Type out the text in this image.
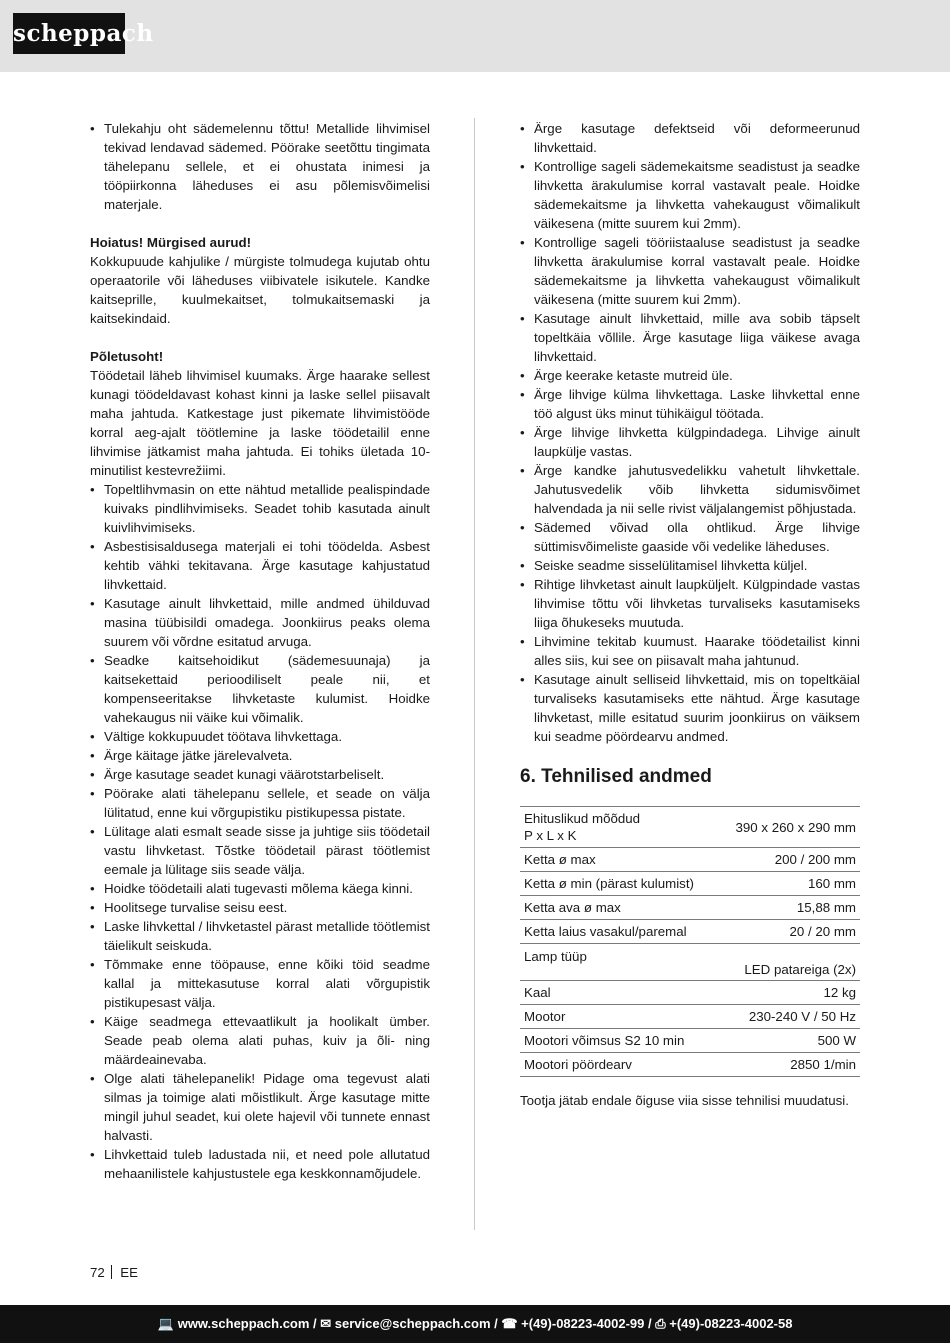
scheppach
• Tulekahju oht sädemelennu tõttu! Metallide lihvimisel tekivad lendavad sädemed. Pöörake seetõttu tingimata tähelepanu sellele, et ei ohustata inimesi ja tööpiirkonna läheduses ei asu põlemisvõimelisi materjale.

Hoiatus! Mürgised aurud!

Kokkupuude kahjulike / mürgiste tolmudega kujutab ohtu operaatorile või läheduses viibivatele isikutele. Kandke kaitseprille, kuulmekaitset, tolmukaitsemaski ja kaitsekindaid.

Põletusoht!

Töödetail läheb lihvimisel kuumaks. Ärge haarake sellest kunagi töödeldavast kohast kinni ja laske sellel piisavalt maha jahtuda. Katkestage just pikemate lihvimistööde korral aeg-ajalt töötlemine ja laske töödetailil enne lihvimise jätkamist maha jahtuda. Ei tohiks ületada 10-minutilist kestevrežiimi.

• Topeltlihvmasin on ette nähtud metallide pealispindade kuivaks pindlihvimiseks. Seadet tohib kasutada ainult kuivlihvimiseks.
• Asbestisisaldusega materjali ei tohi töödelda. Asbest kehtib vähki tekitavana. Ärge kasutage kahjustatud lihvkettaid.
• Kasutage ainult lihvkettaid, mille andmed ühilduvad masina tüübisildi omadega. Joonkiirus peaks olema suurem või võrdne esitatud arvuga.
• Seadke kaitsehoidikut (sädemesuunaja) ja kaitsekettaid perioodiliselt peale nii, et kompenseeritakse lihvketaste kulumist. Hoidke vahekaugus nii väike kui võimalik.
• Vältige kokkupuudet töötava lihvkettaga.
• Ärge käitage jätke järelevalveta.
• Ärge kasutage seadet kunagi väärotstarbeliselt.
• Pöörake alati tähelepanu sellele, et seade on välja lülitatud, enne kui võrgupistiku pistikupessa pistate.
• Lülitage alati esmalt seade sisse ja juhtige siis töödetail vastu lihvketast. Tõstke töödetail pärast töötlemist eemale ja lülitage siis seade välja.
• Hoidke töödetaili alati tugevasti mõlema käega kinni.
• Hoolitsege turvalise seisu eest.
• Laske lihvkettal / lihvketastel pärast metallide töötlemist täielikult seiskuda.
• Tõmmake enne tööpause, enne kõiki töid seadme kallal ja mittekasutuse korral alati võrgupistik pistikupesast välja.
• Käige seadmega ettevaatlikult ja hoolikalt ümber. Seade peab olema alati puhas, kuiv ja õli- ning määrdeainevaba.
• Olge alati tähelepanelik! Pidage oma tegevust alati silmas ja toimige alati mõistlikult. Ärge kasutage mitte mingil juhul seadet, kui olete hajevil või tunnete ennast halvasti.
• Lihvkettaid tuleb ladustada nii, et need pole allutatud mehaanilistele kahjustustele ega keskkonnamõjudele.
• Ärge kasutage defektseid või deformeerunud lihvkettaid.
• Kontrollige sageli sädemekaitsme seadistust ja seadke lihvketta ärakulumise korral vastavalt peale. Hoidke sädemekaitsme ja lihvketta vahekaugust võimalikult väikesena (mitte suurem kui 2mm).
• Kontrollige sageli tööriistaaluse seadistust ja seadke lihvketta ärakulumise korral vastavalt peale. Hoidke sädemekaitsme ja lihvketta vahekaugust võimalikult väikesena (mitte suurem kui 2mm).
• Kasutage ainult lihvkettaid, mille ava sobib täpselt topeltkäia võllile. Ärge kasutage liiga väikese avaga lihvkettaid.
• Ärge keerake ketaste mutreid üle.
• Ärge lihvige külma lihvkettaga. Laske lihvkettal enne töö algust üks minut tühikäigul töötada.
• Ärge lihvige lihvketta külgpindadega. Lihvige ainult laupkülje vastas.
• Ärge kandke jahutusvedelikku vahetult lihvkettale. Jahutusvedelik võib lihvketta sidumisvõimet halvendada ja nii selle rivist väljalangemist põhjustada.
• Sädemed võivad olla ohtlikud. Ärge lihvige süttimisvõimeliste gaaside või vedelike läheduses.
• Seiske seadme sisselülitamisel lihvketta küljel.
• Rihtige lihvketast ainult laupküljelt. Külgpindade vastas lihvimise tõttu või lihvketas turvaliseks kasutamiseks liiga õhukeseks muutuda.
• Lihvimine tekitab kuumust. Haarake töödetailist kinni alles siis, kui see on piisavalt maha jahtunud.
• Kasutage ainult selliseid lihvkettaid, mis on topeltkäial turvaliseks kasutamiseks ette nähtud. Ärge kasutage lihvketast, mille esitatud suurim joonkiirus on väiksem kui seadme pöördearvu andmed.
6. Tehnilised andmed
Ehituslikud mõõdud
P x L x K	390 x 260 x 290 mm
Ketta ø max	200 / 200 mm
Ketta ø min (pärast kulumist)	160 mm
Ketta ava ø max	15,88 mm
Ketta laius vasakul/paremal	20 / 20 mm
Lamp tüüp	LED patareiga (2x)
Kaal	12 kg
Mootor	230-240 V / 50 Hz
Mootori võimsus S2 10 min	500 W
Mootori pöördearv	2850 1/min

Tootja jätab endale õiguse viia sisse tehnilisi muudatusi.

72 EE
💻 www.scheppach.com / ✉ service@scheppach.com / ☎ +(49)-08223-4002-99 / ⎙ +(49)-08223-4002-58
